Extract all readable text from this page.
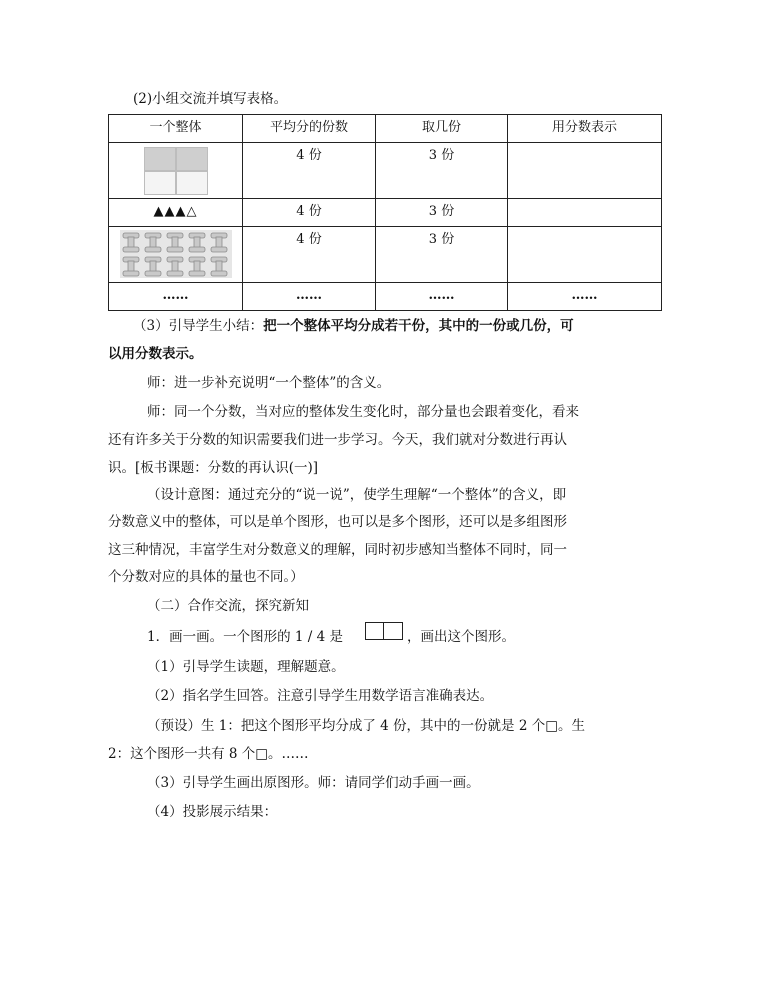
(2)小组交流并填写表格。
一个整体	平均分的份数	取几份	用分数表示

	4 份	3 份	
▲▲▲△	4 份	3 份	

	4 份	3 份	
……	……	……	……
（3）引导学生小结：把一个整体平均分成若干份，其中的一份或几份，可
以用分数表示。
师：进一步补充说明“一个整体”的含义。
师：同一个分数，当对应的整体发生变化时，部分量也会跟着变化，看来
还有许多关于分数的知识需要我们进一步学习。今天，我们就对分数进行再认
识。[板书课题：分数的再认识(一)]
（设计意图：通过充分的“说一说”，使学生理解“一个整体”的含义，即
分数意义中的整体，可以是单个图形，也可以是多个图形，还可以是多组图形
这三种情况，丰富学生对分数意义的理解，同时初步感知当整体不同时，同一
个分数对应的具体的量也不同。）
（二）合作交流，探究新知
1．画一画。一个图形的 1 / 4 是	，画出这个图形。
（1）引导学生读题，理解题意。
（2）指名学生回答。注意引导学生用数学语言准确表达。
（预设）生 1：把这个图形平均分成了 4 份，其中的一份就是 2 个□。生
2：这个图形一共有 8 个□。……
（3）引导学生画出原图形。师：请同学们动手画一画。
（4）投影展示结果：
